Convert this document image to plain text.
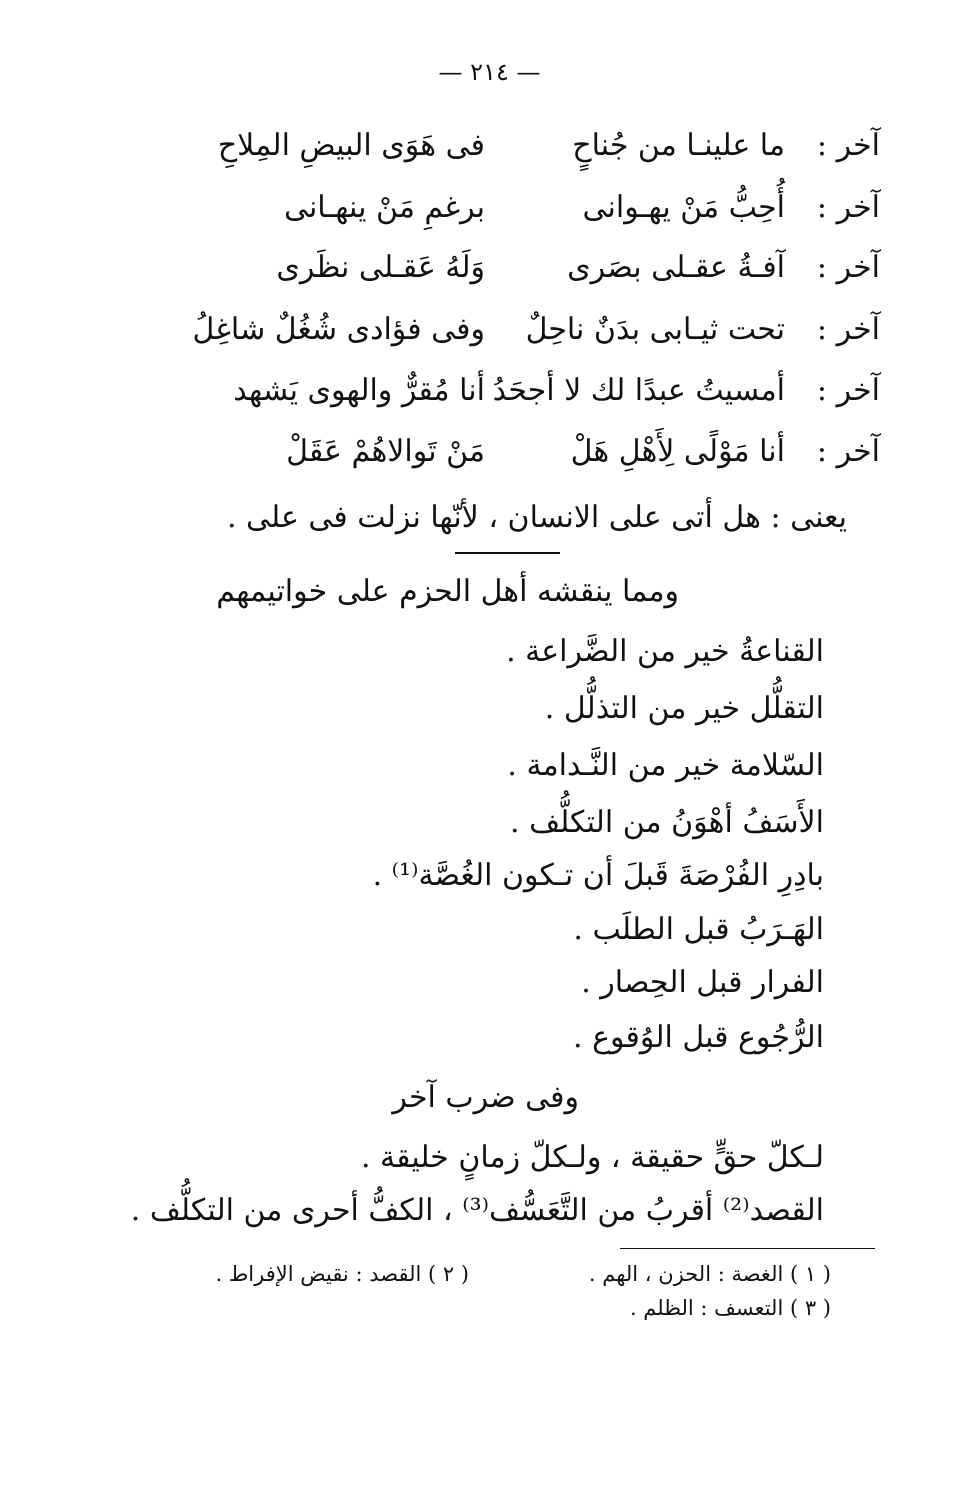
— ٢١٤ —
آخر :
ما علينـا من جُناحٍ
فى هَوَى البيضِ المِلاحِ
آخر :
أُحِبُّ مَنْ يهـوانى
برغمِ مَنْ ينهـانى
آخر :
آفـةُ عقـلى بصَرى
وَلَهُ عَقـلى نظَرى
آخر :
تحت ثيـابى بدَنٌ ناحِلٌ
وفى فؤادى شُغُلٌ شاغِلُ
آخر :
أمسيتُ عبدًا لك لا أجحَدُ
أنا مُقرٌّ والهوى يَشهد
آخر :
أنا مَوْلًى لِأَهْلِ هَلْ
مَنْ تَوالاهُمْ عَقَلْ
يعنى : هل أتى على الانسان ، لأنّها نزلت فى على .
ومما ينقشه أهل الحزم على خواتيمهم
القناعةُ خير من الضَّراعة .
التقلُّل خير من التذلُّل .
السّلامة خير من النَّـدامة .
الأَسَفُ أهْوَنُ من التكلُّف .
بادِرِ الفُرْصَةَ قَبلَ أن تـكون الغُصَّة⁽¹⁾ .
الهَـرَبُ قبل الطلَب .
الفرار قبل الحِصار .
الرُّجُوع قبل الوُقوع .
وفى ضرب آخر
لـكلّ حقٍّ حقيقة ، ولـكلّ زمانٍ خليقة .
القصد⁽²⁾ أقربُ من التَّعَسُّف⁽³⁾ ، الكفُّ أحرى من التكلُّف .
( ١ ) الغصة : الحزن ، الهم .
( ٢ ) القصد : نقيض الإفراط .
( ٣ ) التعسف : الظلم .
